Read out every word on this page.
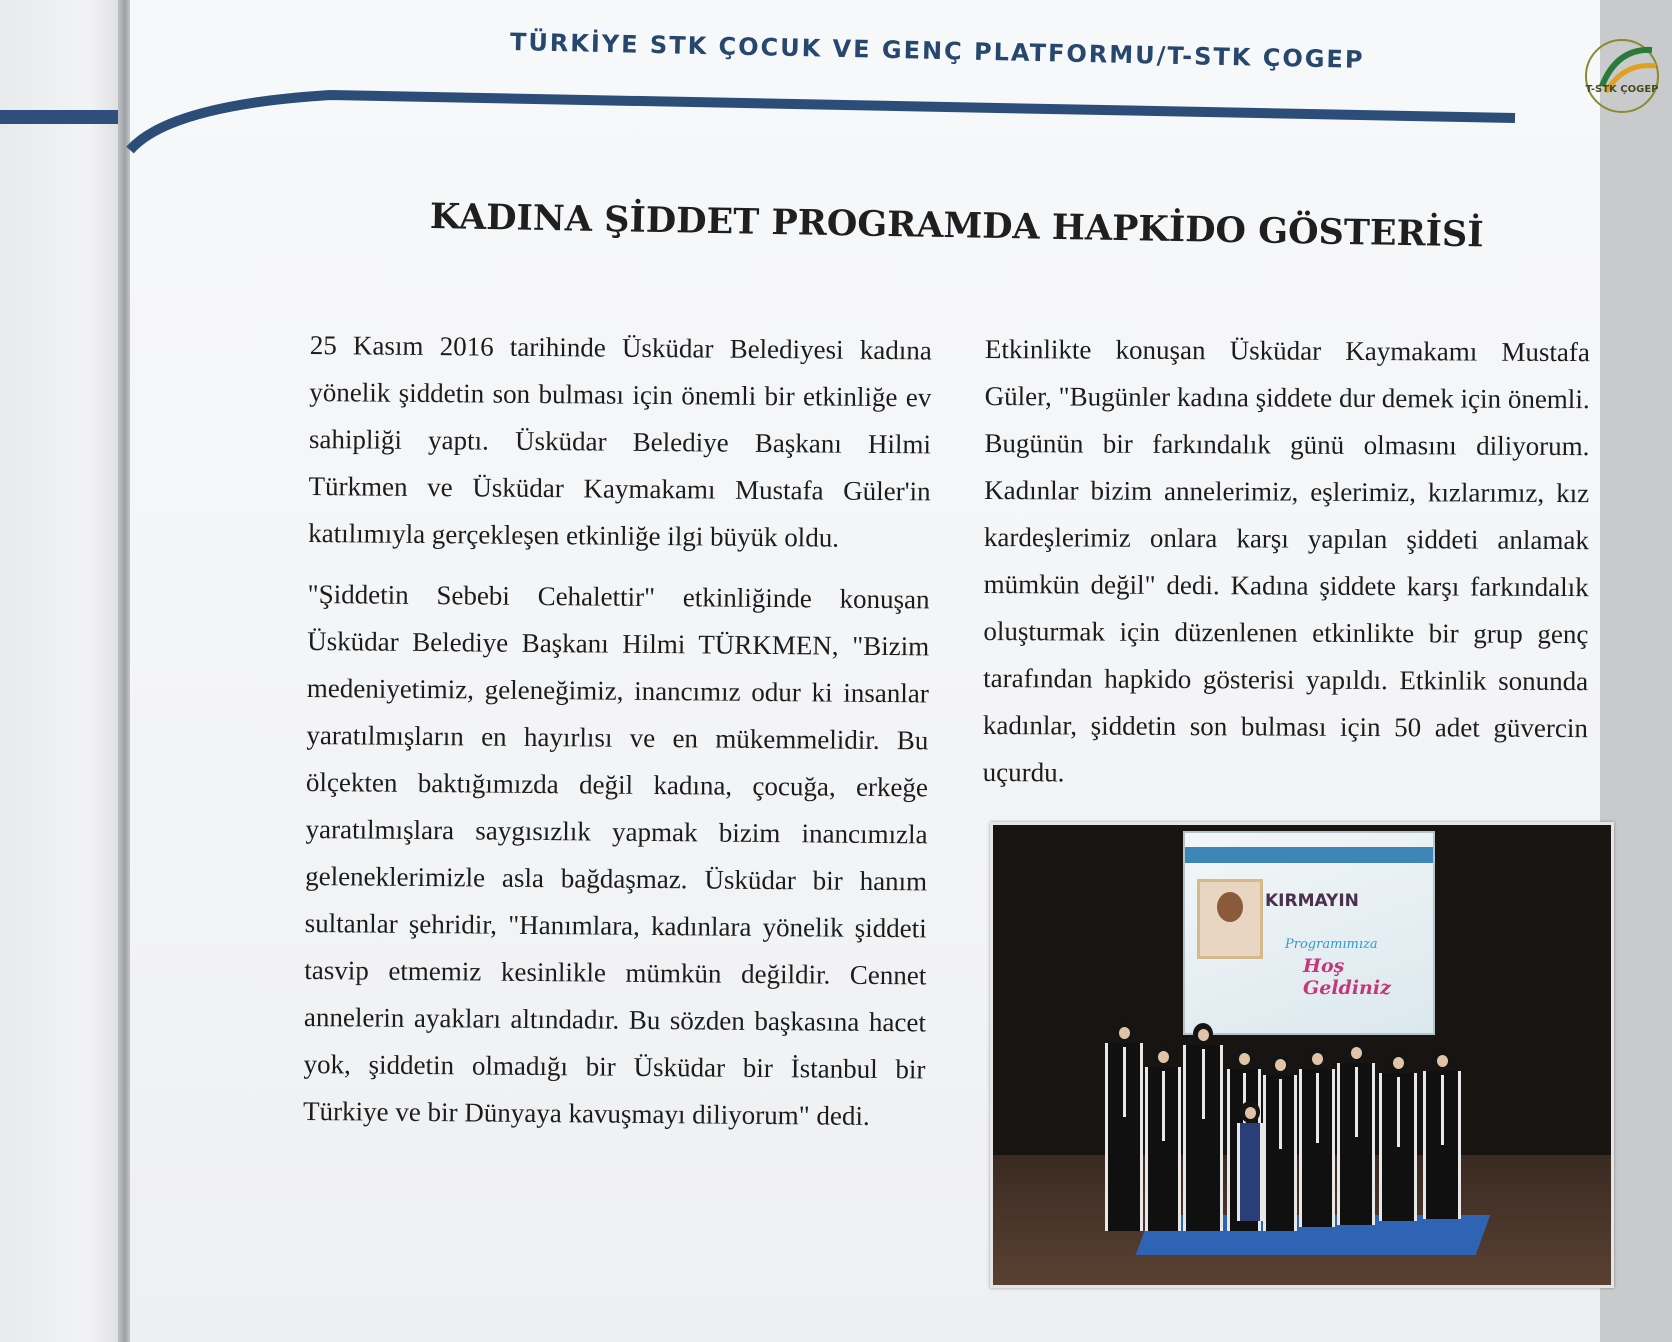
TÜRKİYE STK ÇOCUK VE GENÇ PLATFORMU/T-STK ÇOGEP
T-STK ÇOGEP
KADINA ŞİDDET PROGRAMDA HAPKİDO GÖSTERİSİ

25 Kasım 2016 tarihinde Üsküdar Belediyesi kadına yönelik şiddetin son bulması için önemli bir etkinliğe ev sahipliği yaptı. Üsküdar Belediye Başkanı Hilmi Türkmen ve Üsküdar Kaymakamı Mustafa Güler'in katılımıyla gerçekleşen etkinliğe ilgi büyük oldu.

"Şiddetin Sebebi Cehalettir" etkinliğinde konuşan Üsküdar Belediye Başkanı Hilmi TÜRKMEN, "Bizim medeniyetimiz, geleneğimiz, inancımız odur ki insanlar yaratılmışların en hayırlısı ve en mükemmelidir. Bu ölçekten baktığımızda değil kadına, çocuğa, erkeğe yaratılmışlara saygısızlık yapmak bizim inancımızla geleneklerimizle asla bağdaşmaz. Üsküdar bir hanım sultanlar şehridir, "Hanımlara, kadınlara yönelik şiddeti tasvip etmemiz kesinlikle mümkün değildir. Cennet annelerin ayakları altındadır. Bu sözden başkasına hacet yok, şiddetin olmadığı bir Üsküdar bir İstanbul bir Türkiye ve bir Dünyaya kavuşmayı diliyorum" dedi.

Etkinlikte konuşan Üsküdar Kaymakamı Mustafa Güler, "Bugünler kadına şiddete dur demek için önemli. Bugünün bir farkındalık günü olmasını diliyorum. Kadınlar bizim annelerimiz, eşlerimiz, kızlarımız, kız kardeşlerimiz onlara karşı yapılan şiddeti anlamak mümkün değil" dedi. Kadına şiddete karşı farkındalık oluşturmak için düzenlenen etkinlikte bir grup genç tarafından hapkido gösterisi yapıldı. Etkinlik sonunda kadınlar, şiddetin son bulması için 50 adet güvercin uçurdu.

KIRMAYIN
Programımıza
Hoş Geldiniz
